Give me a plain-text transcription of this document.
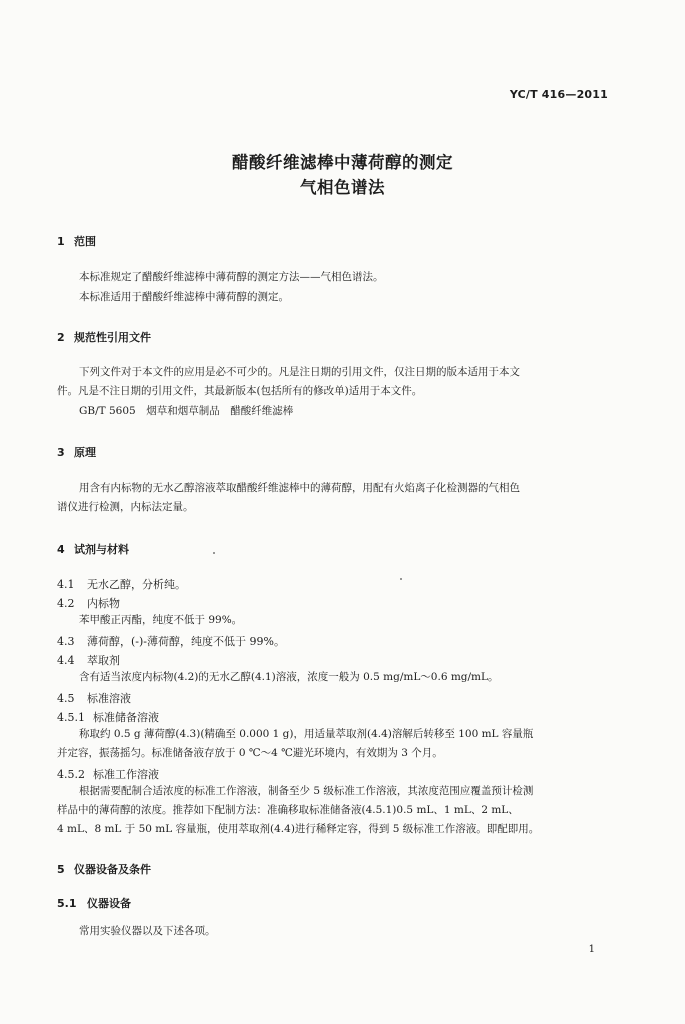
YC/T 416—2011
醋酸纤维滤棒中薄荷醇的测定
气相色谱法
1 范围
本标准规定了醋酸纤维滤棒中薄荷醇的测定方法——气相色谱法。
本标准适用于醋酸纤维滤棒中薄荷醇的测定。
2 规范性引用文件
下列文件对于本文件的应用是必不可少的。凡是注日期的引用文件，仅注日期的版本适用于本文
件。凡是不注日期的引用文件，其最新版本(包括所有的修改单)适用于本文件。
GB/T 5605　烟草和烟草制品　醋酸纤维滤棒
3 原理
用含有内标物的无水乙醇溶液萃取醋酸纤维滤棒中的薄荷醇，用配有火焰离子化检测器的气相色
谱仪进行检测，内标法定量。
4 试剂与材料
4.1 无水乙醇，分析纯。
4.2 内标物
苯甲酸正丙酯，纯度不低于 99%。
4.3 薄荷醇，(-)-薄荷醇，纯度不低于 99%。
4.4 萃取剂
含有适当浓度内标物(4.2)的无水乙醇(4.1)溶液，浓度一般为 0.5 mg/mL～0.6 mg/mL。
4.5 标准溶液
4.5.1 标准储备溶液
称取约 0.5 g 薄荷醇(4.3)(精确至 0.000 1 g)，用适量萃取剂(4.4)溶解后转移至 100 mL 容量瓶
并定容，振荡摇匀。标准储备液存放于 0 ℃～4 ℃避光环境内，有效期为 3 个月。
4.5.2 标准工作溶液
根据需要配制合适浓度的标准工作溶液，制备至少 5 级标准工作溶液，其浓度范围应覆盖预计检测
样品中的薄荷醇的浓度。推荐如下配制方法：准确移取标准储备液(4.5.1)0.5 mL、1 mL、2 mL、
4 mL、8 mL 于 50 mL 容量瓶，使用萃取剂(4.4)进行稀释定容，得到 5 级标准工作溶液。即配即用。
5 仪器设备及条件
5.1 仪器设备
常用实验仪器以及下述各项。
1
